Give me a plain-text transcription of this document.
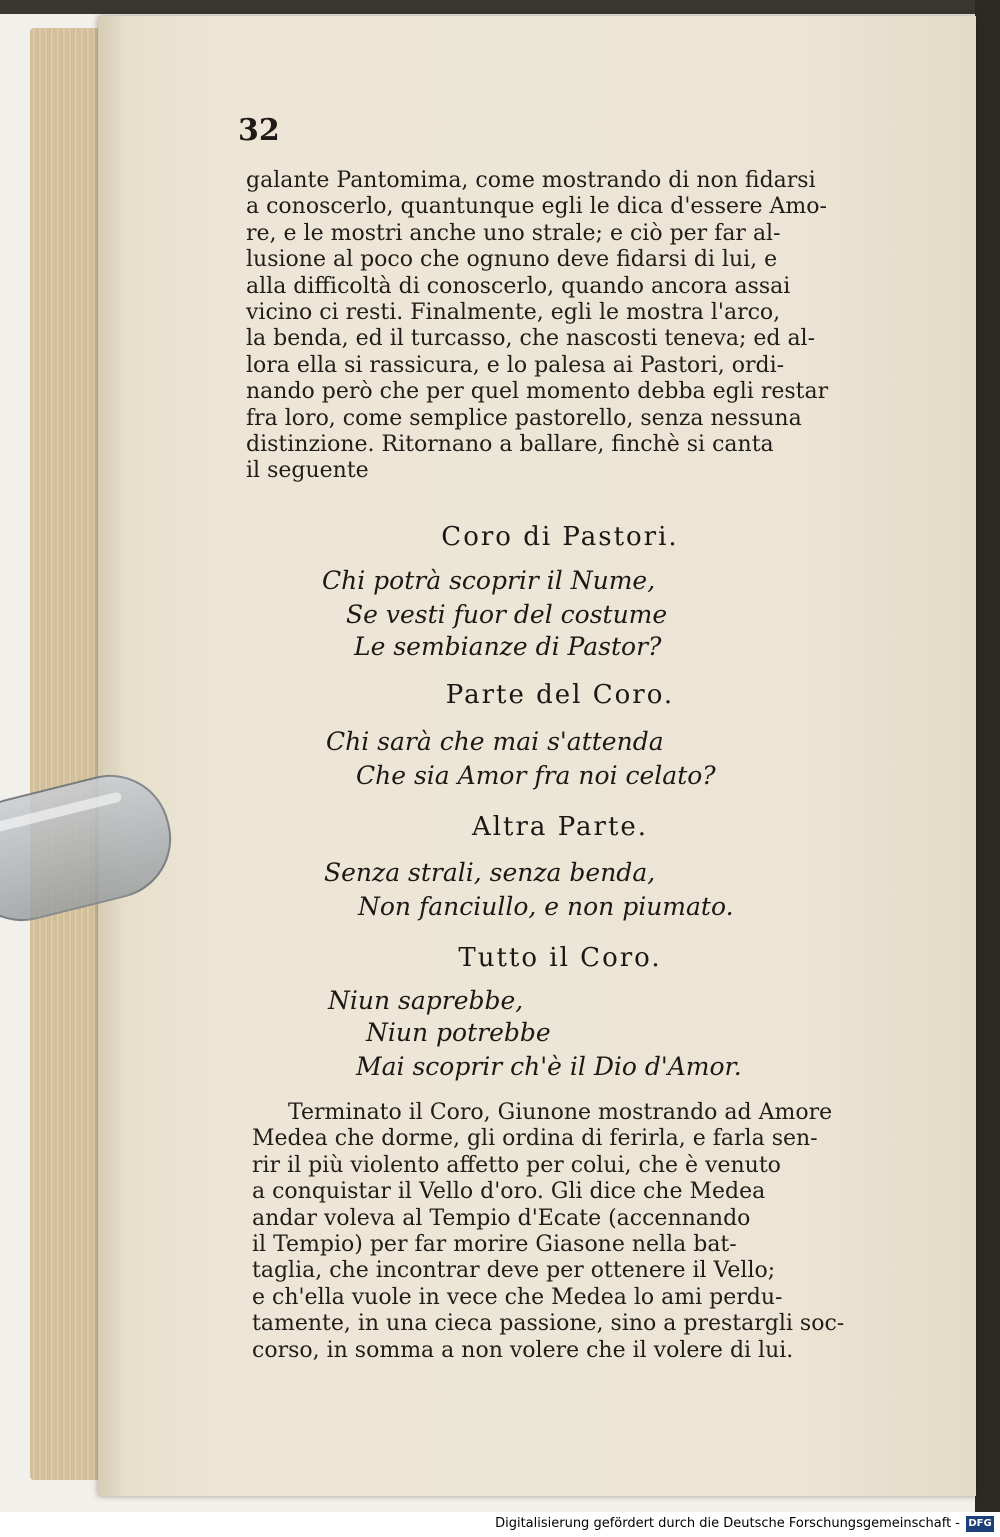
32
galante Pantomima, come mostrando di non fidarsi
a conoscerlo, quantunque egli le dica d'essere Amo-
re, e le mostri anche uno strale; e ciò per far al-
lusione al poco che ognuno deve fidarsi di lui, e
alla difficoltà di conoscerlo, quando ancora assai
vicino ci resti. Finalmente, egli le mostra l'arco,
la benda, ed il turcasso, che nascosti teneva; ed al-
lora ella si rassicura, e lo palesa ai Pastori, ordi-
nando però che per quel momento debba egli restar
fra loro, come semplice pastorello, senza nessuna
distinzione. Ritornano a ballare, finchè si canta
il seguente
Coro di Pastori.
Chi potrà scoprir il Nume,
Se vesti fuor del costume
Le sembianze di Pastor?
Parte del Coro.
Chi sarà che mai s'attenda
Che sia Amor fra noi celato?
Altra Parte.
Senza strali, senza benda,
Non fanciullo, e non piumato.
Tutto il Coro.
Niun saprebbe,
Niun potrebbe
Mai scoprir ch'è il Dio d'Amor.
Terminato il Coro, Giunone mostrando ad Amore
Medea che dorme, gli ordina di ferirla, e farla sen-
rir il più violento affetto per colui, che è venuto
a conquistar il Vello d'oro. Gli dice che Medea
andar voleva al Tempio d'Ecate (accennando
il Tempio) per far morire Giasone nella bat-
taglia, che incontrar deve per ottenere il Vello;
e ch'ella vuole in vece che Medea lo ami perdu-
tamente, in una cieca passione, sino a prestargli soc-
corso, in somma a non volere che il volere di lui.
Digitalisierung gefördert durch die Deutsche Forschungsgemeinschaft - DFG
